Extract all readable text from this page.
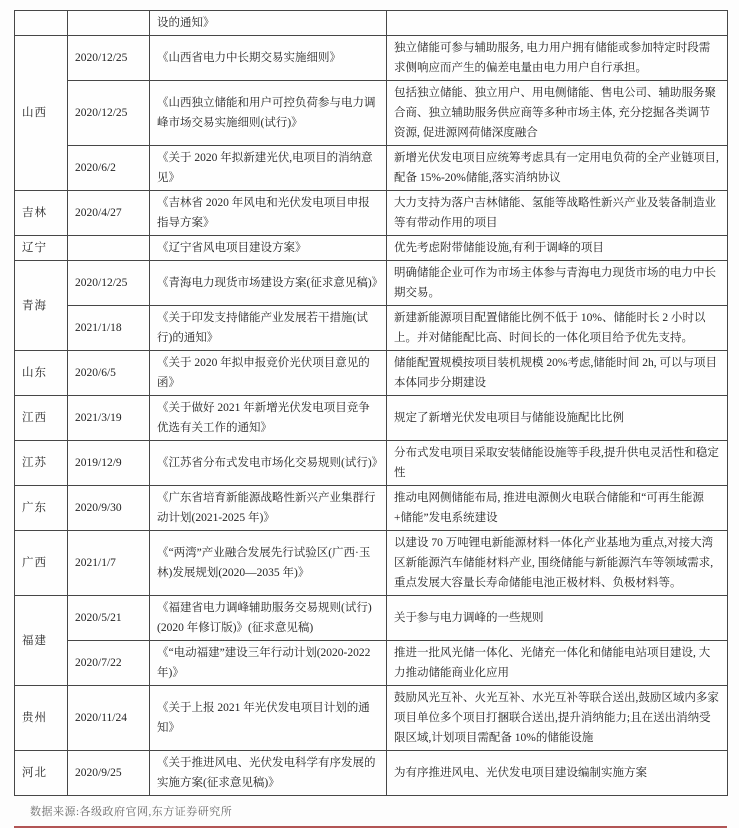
		设的通知》	
山西	2020/12/25	《山西省电力中长期交易实施细则》	独立储能可参与辅助服务, 电力用户拥有储能或参加特定时段需求侧响应而产生的偏差电量由电力用户自行承担。
	2020/12/25	《山西独立储能和用户可控负荷参与电力调峰市场交易实施细则(试行)》	包括独立储能、独立用户、用电侧储能、售电公司、辅助服务聚合商、独立辅助服务供应商等多种市场主体, 充分挖掘各类调节资源, 促进源网荷储深度融合
	2020/6/2	《关于 2020 年拟新建光伏,电项目的消纳意见》	新增光伏发电项目应统筹考虑具有一定用电负荷的全产业链项目, 配备 15%-20%储能,落实消纳协议
吉林	2020/4/27	《吉林省 2020 年风电和光伏发电项目申报指导方案》	大力支持为落户吉林储能、氢能等战略性新兴产业及装备制造业等有带动作用的项目
辽宁		《辽宁省风电项目建设方案》	优先考虑附带储能设施,有利于调峰的项目
青海	2020/12/25	《青海电力现货市场建设方案(征求意见稿)》	明确储能企业可作为市场主体参与青海电力现货市场的电力中长期交易。
	2021/1/18	《关于印发支持储能产业发展若干措施(试行)的通知》	新建新能源项目配置储能比例不低于 10%、储能时长 2 小时以上。并对储能配比高、时间长的一体化项目给予优先支持。
山东	2020/6/5	《关于 2020 年拟申报竞价光伏项目意见的函》	储能配置规模按项目装机规模 20%考虑,储能时间 2h, 可以与项目本体同步分期建设
江西	2021/3/19	《关于做好 2021 年新增光伏发电项目竞争优选有关工作的通知》	规定了新增光伏发电项目与储能设施配比比例
江苏	2019/12/9	《江苏省分布式发电市场化交易规则(试行)》	分布式发电项目采取安装储能设施等手段,提升供电灵活性和稳定性
广东	2020/9/30	《广东省培育新能源战略性新兴产业集群行动计划(2021-2025 年)》	推动电网侧储能布局, 推进电源侧火电联合储能和“可再生能源+储能”发电系统建设
广西	2021/1/7	《“两湾”产业融合发展先行试验区(广西·玉林)发展规划(2020—2035 年)》	以建设 70 万吨锂电新能源材料一体化产业基地为重点,对接大湾区新能源汽车储能材料产业, 围绕储能与新能源汽车等领域需求,重点发展大容量长寿命储能电池正极材料、负极材料等。
福建	2020/5/21	《福建省电力调峰辅助服务交易规则(试行)(2020 年修订版)》(征求意见稿)	关于参与电力调峰的一些规则
	2020/7/22	《“电动福建”建设三年行动计划(2020-2022 年)》	推进一批风光储一体化、光储充一体化和储能电站项目建设, 大力推动储能商业化应用
贵州	2020/11/24	《关于上报 2021 年光伏发电项目计划的通知》	鼓励风光互补、火光互补、水光互补等联合送出,鼓励区域内多家项目单位多个项目打捆联合送出,提升消纳能力;且在送出消纳受限区域,计划项目需配备 10%的储能设施
河北	2020/9/25	《关于推进风电、光伏发电科学有序发展的实施方案(征求意见稿)》	为有序推进风电、光伏发电项目建设编制实施方案
数据来源:各级政府官网,东方证券研究所
